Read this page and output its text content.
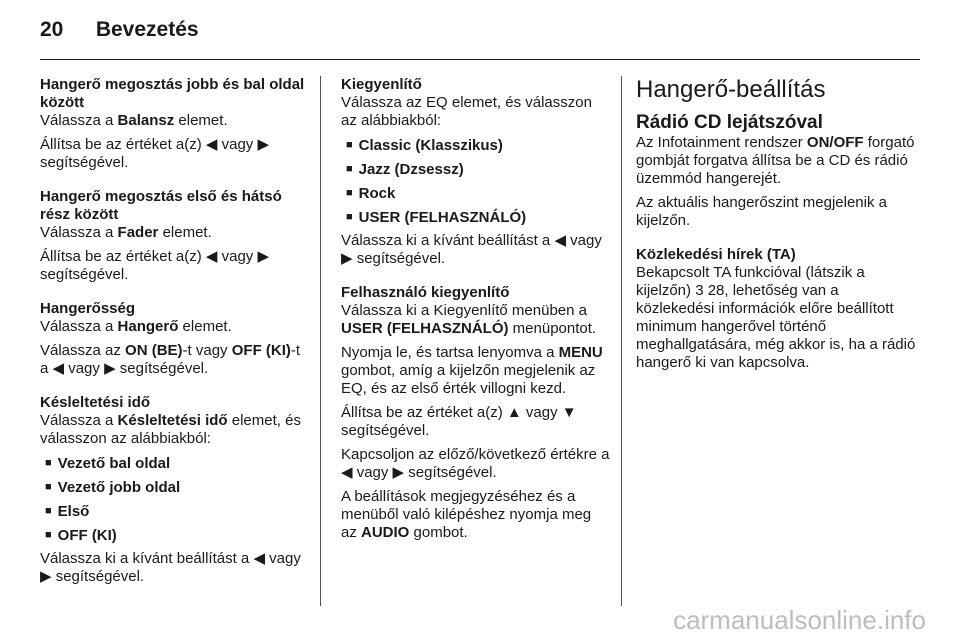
20 Bevezetés

Hangerő megosztás jobb és bal oldal között

Válassza a Balansz elemet.

Állítsa be az értéket a(z) ◀ vagy ▶ segítségével.

Hangerő megosztás első és hátsó rész között

Válassza a Fader elemet.

Állítsa be az értéket a(z) ◀ vagy ▶ segítségével.

Hangerősség

Válassza a Hangerő elemet.

Válassza az ON (BE)-t vagy OFF (KI)-t a ◀ vagy ▶ segítségével.

Késleltetési idő

Válassza a Késleltetési idő elemet, és válasszon az alábbiakból:

■ Vezető bal oldal
■ Vezető jobb oldal
■ Első
■ OFF (KI)

Válassza ki a kívánt beállítást a ◀ vagy ▶ segítségével.

Kiegyenlítő

Válassza az EQ elemet, és válasszon az alábbiakból:

■ Classic (Klasszikus)
■ Jazz (Dzsessz)
■ Rock
■ USER (FELHASZNÁLÓ)

Válassza ki a kívánt beállítást a ◀ vagy ▶ segítségével.

Felhasználó kiegyenlítő

Válassza ki a Kiegyenlítő menüben a USER (FELHASZNÁLÓ) menüpontot.

Nyomja le, és tartsa lenyomva a MENU gombot, amíg a kijelzőn megjelenik az EQ, és az első érték villogni kezd.

Állítsa be az értéket a(z) ▲ vagy ▼ segítségével.

Kapcsoljon az előző/következő értékre a ◀ vagy ▶ segítségével.

A beállítások megjegyzéséhez és a menüből való kilépéshez nyomja meg az AUDIO gombot.

Hangerő-beállítás

Rádió CD lejátszóval

Az Infotainment rendszer ON/OFF forgató gombját forgatva állítsa be a CD és rádió üzemmód hangerejét.

Az aktuális hangerőszint megjelenik a kijelzőn.

Közlekedési hírek (TA)

Bekapcsolt TA funkcióval (látszik a kijelzőn) 3 28, lehetőség van a közlekedési információk előre beállított minimum hangerővel történő meghallgatására, még akkor is, ha a rádió hangerő ki van kapcsolva.

carmanualsonline.info
